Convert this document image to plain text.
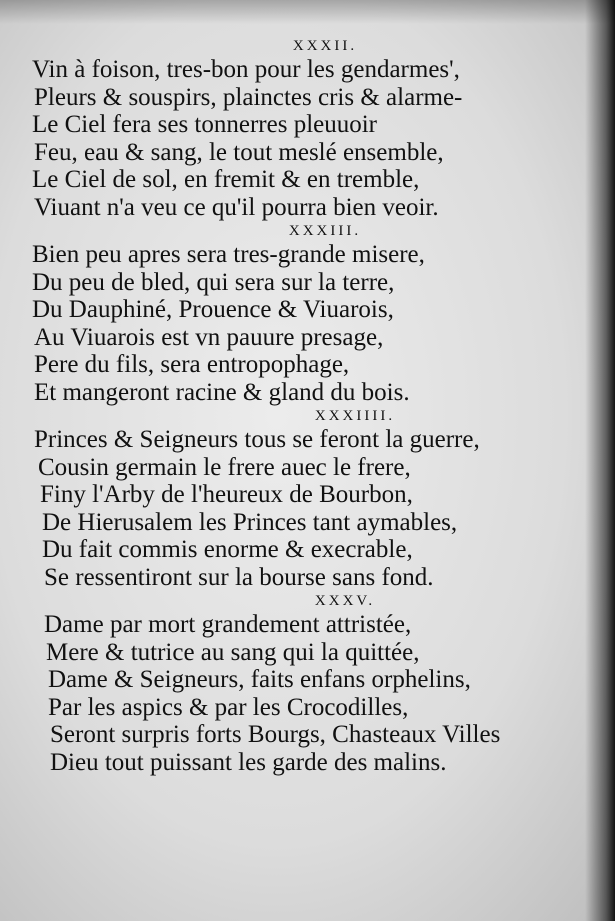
XXXII.
Vin à foison, tres-bon pour les gendarmes',
Pleurs & souspirs, plainctes cris & alarme-
Le Ciel fera ses tonnerres pleuuoir
Feu, eau & sang, le tout meslé ensemble,
Le Ciel de sol, en fremit & en tremble,
Viuant n'a veu ce qu'il pourra bien veoir.
XXXIII.
Bien peu apres sera tres-grande misere,
Du peu de bled, qui sera sur la terre,
Du Dauphiné, Prouence & Viuarois,
Au Viuarois est vn pauure presage,
Pere du fils, sera entropophage,
Et mangeront racine & gland du bois.
XXXIIII.
Princes & Seigneurs tous se feront la guerre,
Cousin germain le frere auec le frere,
Finy l'Arby de l'heureux de Bourbon,
De Hierusalem les Princes tant aymables,
Du fait commis enorme & execrable,
Se ressentiront sur la bourse sans fond.
XXXV.
Dame par mort grandement attristée,
Mere & tutrice au sang qui la quittée,
Dame & Seigneurs, faits enfans orphelins,
Par les aspics & par les Crocodilles,
Seront surpris forts Bourgs, Chasteaux Villes
Dieu tout puissant les garde des malins.
